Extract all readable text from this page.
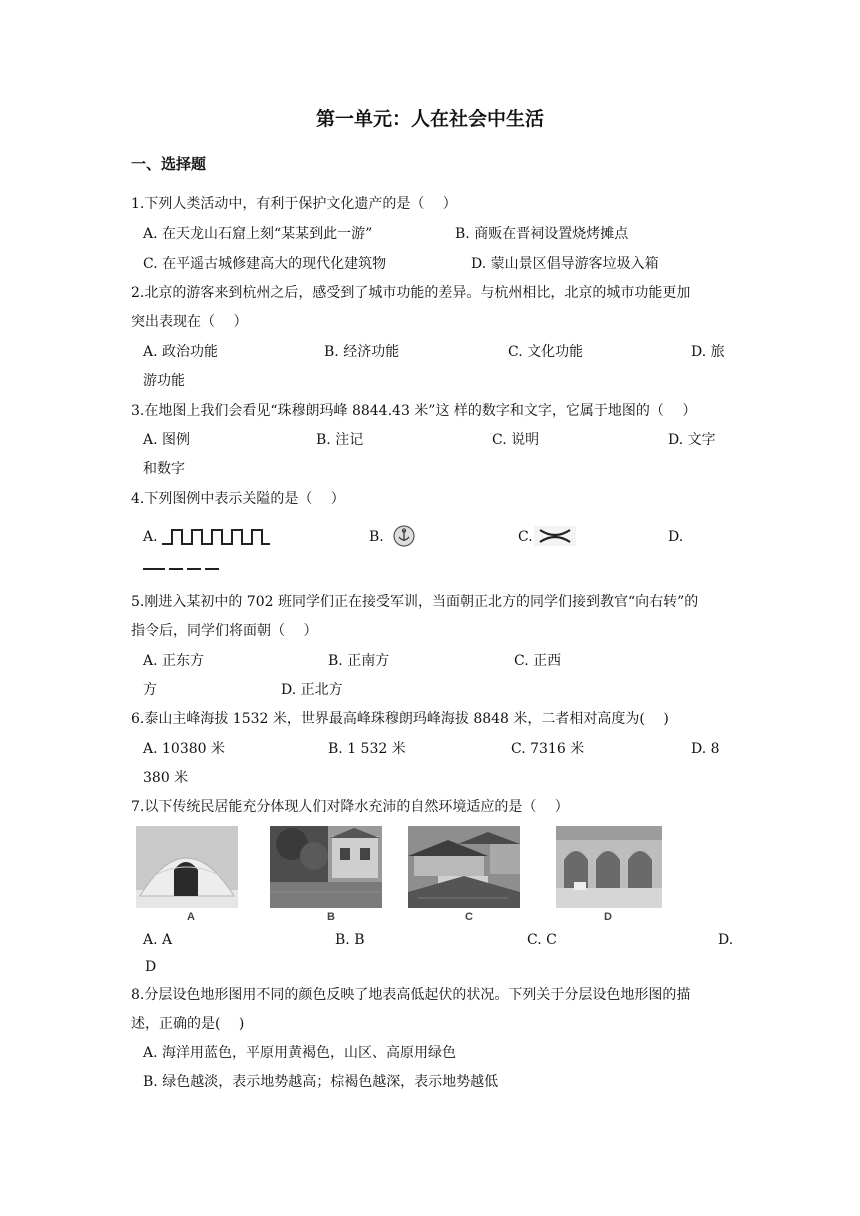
第一单元：人在社会中生活
一、选择题
1.下列人类活动中，有利于保护文化遗产的是（　 ）
A. 在天龙山石窟上刻“某某到此一游”	B. 商贩在晋祠设置烧烤摊点
C. 在平遥古城修建高大的现代化建筑物	D. 蒙山景区倡导游客垃圾入箱
2.北京的游客来到杭州之后，感受到了城市功能的差异。与杭州相比，北京的城市功能更加
突出表现在（　 ）
A. 政治功能	B. 经济功能	C. 文化功能	D. 旅
游功能
3.在地图上我们会看见“珠穆朗玛峰 8844.43 米”这 样的数字和文字，它属于地图的（　 ）
A. 图例	B. 注记	C. 说明	D. 文字
和数字
4.下列图例中表示关隘的是（　 ）
A.	B.	C.	D.
5.刚进入某初中的 702 班同学们正在接受军训，当面朝正北方的同学们接到教官“向右转”的
指令后，同学们将面朝（　 ）
A. 正东方	B. 正南方	C. 正西
方	D. 正北方
6.泰山主峰海拔 1532 米，世界最高峰珠穆朗玛峰海拔 8848 米，二者相对高度为(　 )
A. 10380 米	B. 1 532 米	C. 7316 米	D. 8
380 米
7.以下传统民居能充分体现人们对降水充沛的自然环境适应的是（　 ）
A	B	C	D
A. A	B. B	C. C	D.
D
8.分层设色地形图用不同的颜色反映了地表高低起伏的状况。下列关于分层设色地形图的描
述，正确的是(　 )
A. 海洋用蓝色，平原用黄褐色，山区、高原用绿色
B. 绿色越淡，表示地势越高；棕褐色越深，表示地势越低
